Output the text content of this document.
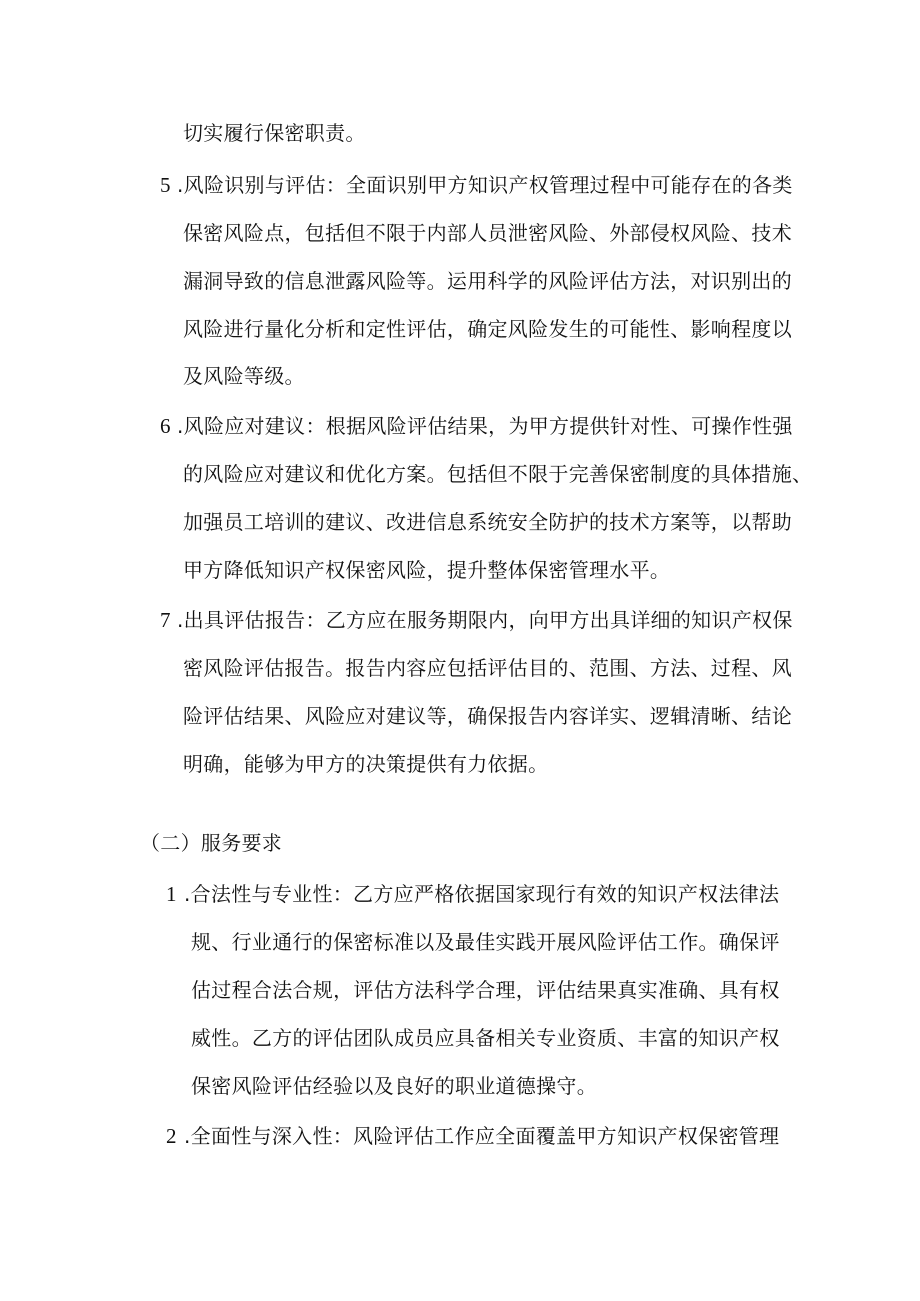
切实履行保密职责。
5 .风险识别与评估：全面识别甲方知识产权管理过程中可能存在的各类
保密风险点，包括但不限于内部人员泄密风险、外部侵权风险、技术
漏洞导致的信息泄露风险等。运用科学的风险评估方法，对识别出的
风险进行量化分析和定性评估，确定风险发生的可能性、影响程度以
及风险等级。
6 .风险应对建议：根据风险评估结果，为甲方提供针对性、可操作性强
的风险应对建议和优化方案。包括但不限于完善保密制度的具体措施、
加强员工培训的建议、改进信息系统安全防护的技术方案等，以帮助
甲方降低知识产权保密风险，提升整体保密管理水平。
7 .出具评估报告：乙方应在服务期限内，向甲方出具详细的知识产权保
密风险评估报告。报告内容应包括评估目的、范围、方法、过程、风
险评估结果、风险应对建议等，确保报告内容详实、逻辑清晰、结论
明确，能够为甲方的决策提供有力依据。
（二）服务要求
1 .合法性与专业性：乙方应严格依据国家现行有效的知识产权法律法
规、行业通行的保密标准以及最佳实践开展风险评估工作。确保评
估过程合法合规，评估方法科学合理，评估结果真实准确、具有权
威性。乙方的评估团队成员应具备相关专业资质、丰富的知识产权
保密风险评估经验以及良好的职业道德操守。
2 .全面性与深入性：风险评估工作应全面覆盖甲方知识产权保密管理
